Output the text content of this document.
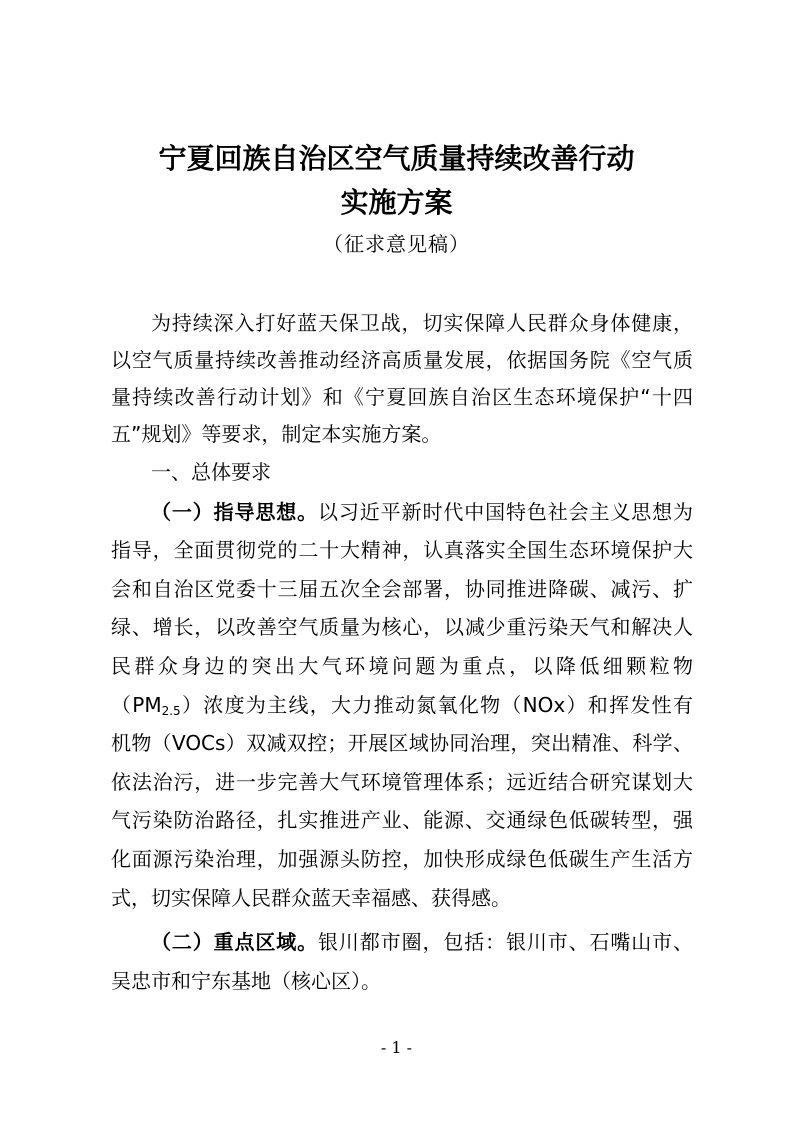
宁夏回族自治区空气质量持续改善行动
实施方案
（征求意见稿）
为持续深入打好蓝天保卫战，切实保障人民群众身体健康，
以空气质量持续改善推动经济高质量发展，依据国务院《空气质
量持续改善行动计划》和《宁夏回族自治区生态环境保护“十四
五”规划》等要求，制定本实施方案。
一、总体要求
（一）指导思想。以习近平新时代中国特色社会主义思想为
指导，全面贯彻党的二十大精神，认真落实全国生态环境保护大
会和自治区党委十三届五次全会部署，协同推进降碳、减污、扩
绿、增长，以改善空气质量为核心，以减少重污染天气和解决人
民群众身边的突出大气环境问题为重点，以降低细颗粒物
$(PM_{2.5})$浓度为主线，大力推动氮氧化物（NOx）和挥发性有
机物（VOCs）双减双控；开展区域协同治理，突出精准、科学、
依法治污，进一步完善大气环境管理体系；远近结合研究谋划大
气污染防治路径，扎实推进产业、能源、交通绿色低碳转型，强
化面源污染治理，加强源头防控，加快形成绿色低碳生产生活方
式，切实保障人民群众蓝天幸福感、获得感。
（二）重点区域。银川都市圈，包括：银川市、石嘴山市、
吴忠市和宁东基地（核心区）。
- 1 -
